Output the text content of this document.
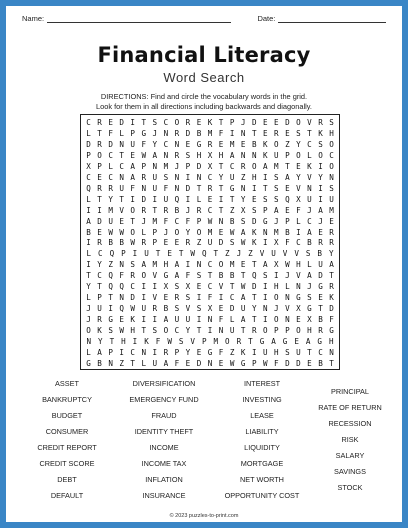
Name:	Date:
Financial Literacy
Word Search
DIRECTIONS: Find and circle the vocabulary words in the grid.
Look for them in all directions including backwards and diagonally.
C R E D I T S C O R E K T P J D E E D O V R S
L T F L P G J N R D B M F I N T E R E S T K H
D R D N U F Y C N E G R E M E B K O Z Y C S O
P O C T E W A N R S H X H A N N K U P O L O C
X P L C A P N M J P D X T C R O A M T E K I O
C E C N A R U S N I N C Y U Z H I S A Y V Y N
Q R R U F N U F N D T R T G N I T S E V N I S
L T Y T I D I U Q I L E I T Y E S S Q X U I U
I I M V O R T R B J R C T Z X S P A E F J A M
A D U E T J M F C F P W N B S D G J P L C J E
B E W W O L P J O Y O M E W A K N M B I A E R
I R B B W R P E E R Z U D S W K I X F C B R R
L C Q P I U T E T W Q T Z J Z V U V V S B Y
I Y Z N S A M H A I N C O M E T A X W H L U A
T C Q F R O V G A F S T B B T Q S I J V A D T
Y T Q Q C I I X S X E C V T W D I H L N J G R
L P T N D I V E R S I F I C A T I O N G S E K
J U I Q W U R B S V S X E D U Y N J V X G T D
J R G E K I I A U U I N F L A T I O N E X B F
O K S W H T S O C Y T I N U T R O P P O H R G
N Y T H I K F W S V P M O R T G A G E A G H
L A P I C N I R P Y E G F Z K I U H S U T C N
G B N Z T L U A F E D N E W G P W F D D E B T
ASSET
BANKRUPTCY
BUDGET
CONSUMER
CREDIT REPORT
CREDIT SCORE
DEBT
DEFAULT
DIVERSIFICATION
EMERGENCY FUND
FRAUD
IDENTITY THEFT
INCOME
INCOME TAX
INFLATION
INSURANCE
INTEREST
INVESTING
LEASE
LIABILITY
LIQUIDITY
MORTGAGE
NET WORTH
OPPORTUNITY COST
PRINCIPAL
RATE OF RETURN
RECESSION
RISK
SALARY
SAVINGS
STOCK
© 2023 puzzles-to-print.com
